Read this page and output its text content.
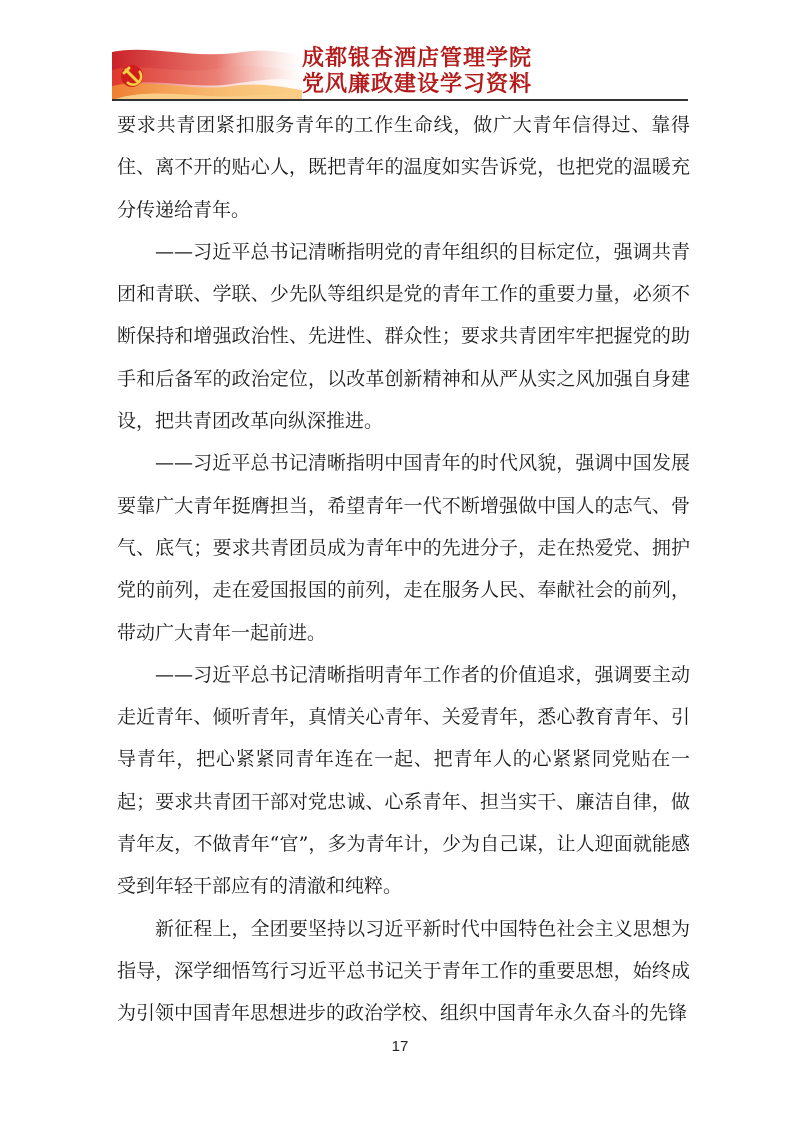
成都银杏酒店管理学院
党风廉政建设学习资料

要求共青团紧扣服务青年的工作生命线，做广大青年信得过、靠得住、离不开的贴心人，既把青年的温度如实告诉党，也把党的温暖充分传递给青年。

——习近平总书记清晰指明党的青年组织的目标定位，强调共青团和青联、学联、少先队等组织是党的青年工作的重要力量，必须不断保持和增强政治性、先进性、群众性；要求共青团牢牢把握党的助手和后备军的政治定位，以改革创新精神和从严从实之风加强自身建设，把共青团改革向纵深推进。

——习近平总书记清晰指明中国青年的时代风貌，强调中国发展要靠广大青年挺膺担当，希望青年一代不断增强做中国人的志气、骨气、底气；要求共青团员成为青年中的先进分子，走在热爱党、拥护党的前列，走在爱国报国的前列，走在服务人民、奉献社会的前列，带动广大青年一起前进。

——习近平总书记清晰指明青年工作者的价值追求，强调要主动走近青年、倾听青年，真情关心青年、关爱青年，悉心教育青年、引导青年，把心紧紧同青年连在一起、把青年人的心紧紧同党贴在一起；要求共青团干部对党忠诚、心系青年、担当实干、廉洁自律，做青年友，不做青年“官”，多为青年计，少为自己谋，让人迎面就能感受到年轻干部应有的清澈和纯粹。

新征程上，全团要坚持以习近平新时代中国特色社会主义思想为指导，深学细悟笃行习近平总书记关于青年工作的重要思想，始终成为引领中国青年思想进步的政治学校、组织中国青年永久奋斗的先锋

17
